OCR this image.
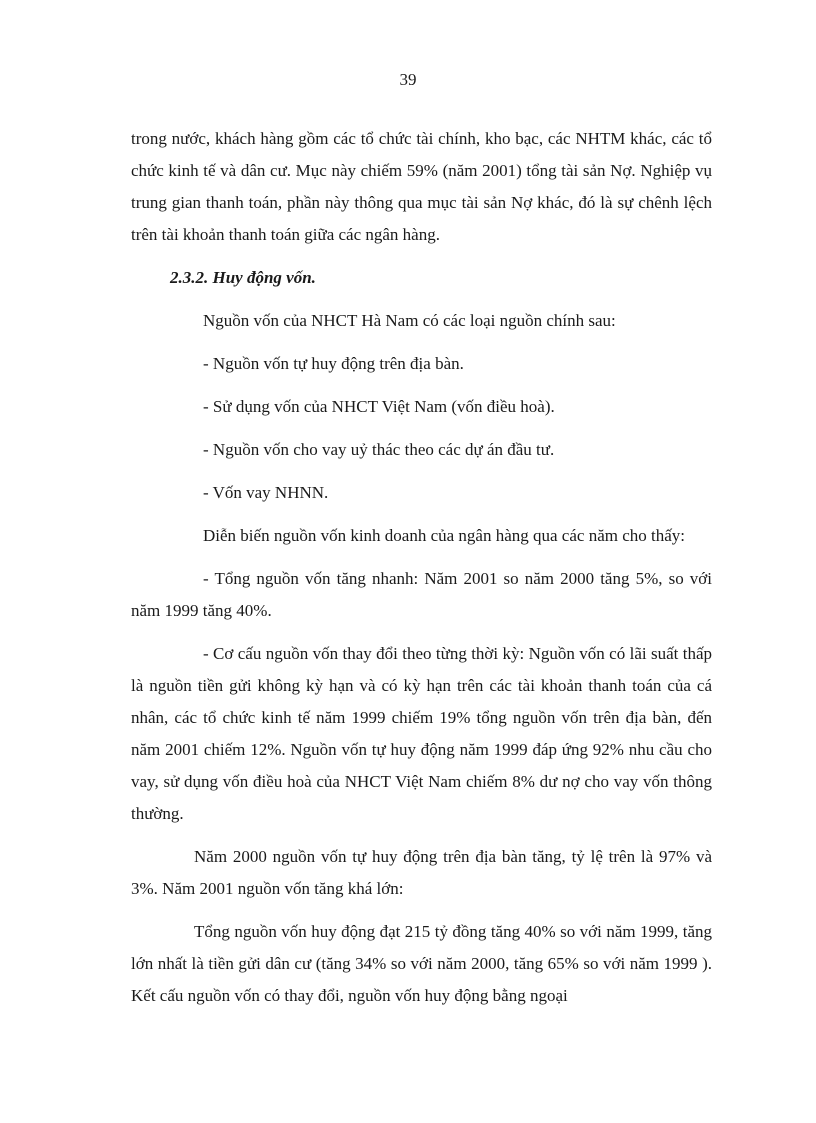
39

trong nước, khách hàng gồm các tổ chức tài chính, kho bạc, các NHTM khác, các tổ chức kinh tế và dân cư. Mục này chiếm 59% (năm 2001) tổng tài sản Nợ. Nghiệp vụ trung gian thanh toán, phần này thông qua mục tài sản Nợ khác, đó là sự chênh lệch trên tài khoản thanh toán giữa các ngân hàng.

2.3.2. Huy động vốn.

Nguồn vốn của NHCT Hà Nam có các loại nguồn chính sau:

- Nguồn vốn tự huy động trên địa bàn.

- Sử dụng vốn của NHCT Việt Nam (vốn điều hoà).

- Nguồn vốn cho vay uỷ thác theo các dự án đầu tư.

- Vốn vay NHNN.

Diễn biến nguồn vốn kinh doanh của ngân hàng qua các năm cho thấy:

- Tổng nguồn vốn tăng nhanh: Năm 2001 so năm 2000 tăng 5%, so với năm 1999 tăng 40%.

- Cơ cấu nguồn vốn thay đổi theo từng thời kỳ: Nguồn vốn có lãi suất thấp là nguồn tiền gửi không kỳ hạn và có kỳ hạn trên các tài khoản thanh toán của cá nhân, các tổ chức kinh tế năm 1999 chiếm 19% tổng nguồn vốn trên địa bàn, đến năm 2001 chiếm 12%. Nguồn vốn tự huy động năm 1999 đáp ứng 92% nhu cầu cho vay, sử dụng vốn điều hoà của NHCT Việt Nam chiếm 8% dư nợ cho vay vốn thông thường.

Năm 2000 nguồn vốn tự huy động trên địa bàn tăng, tỷ lệ trên là 97% và 3%. Năm 2001 nguồn vốn tăng khá lớn:

Tổng nguồn vốn huy động đạt 215 tỷ đồng tăng 40% so với năm 1999, tăng lớn nhất là tiền gửi dân cư (tăng 34% so với năm 2000, tăng 65% so với năm 1999 ). Kết cấu nguồn vốn có thay đổi, nguồn vốn huy động bằng ngoại
